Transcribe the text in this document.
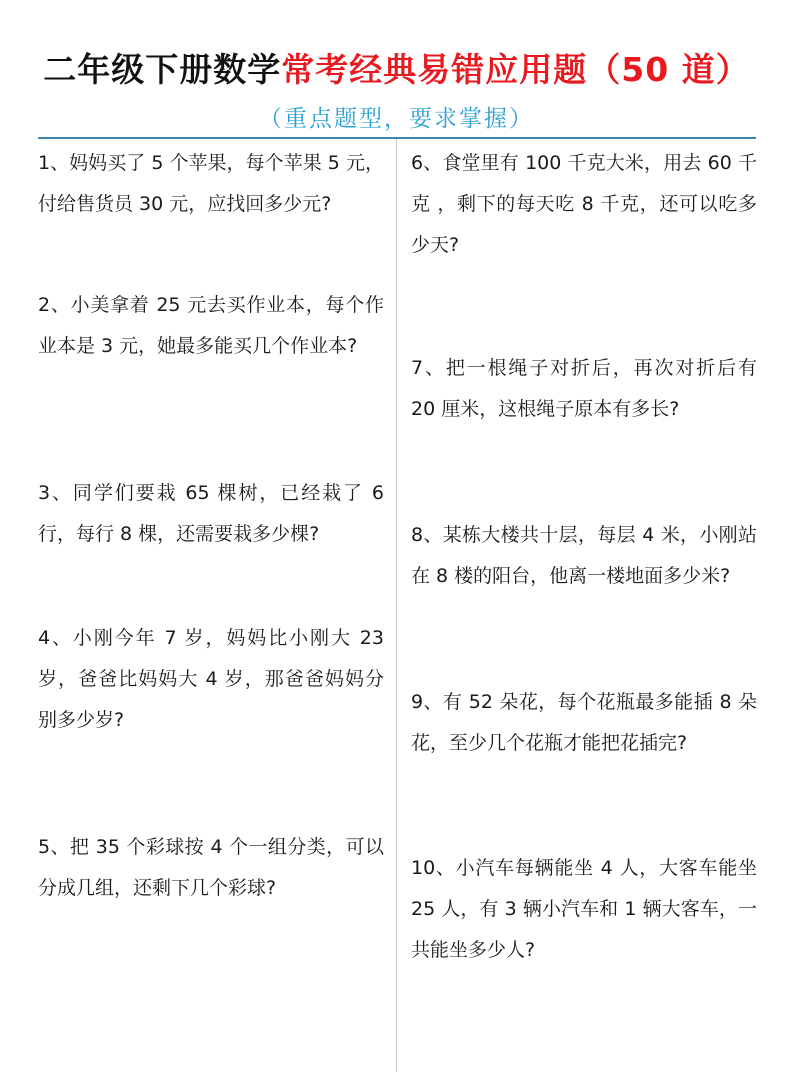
二年级下册数学常考经典易错应用题（50 道）
（重点题型，要求掌握）
1、妈妈买了 5 个苹果，每个苹果 5 元，付给售货员 30 元，应找回多少元?
2、小美拿着 25 元去买作业本，每个作业本是 3 元，她最多能买几个作业本?
3、同学们要栽 65 棵树，已经栽了 6 行，每行 8 棵，还需要栽多少棵?
4、小刚今年 7 岁，妈妈比小刚大 23 岁，爸爸比妈妈大 4 岁，那爸爸妈妈分别多少岁?
5、把 35 个彩球按 4 个一组分类，可以分成几组，还剩下几个彩球?
6、食堂里有 100 千克大米，用去 60 千克 ，剩下的每天吃 8 千克，还可以吃多少天?
7、把一根绳子对折后，再次对折后有 20 厘米，这根绳子原本有多长?
8、某栋大楼共十层，每层 4 米，小刚站在 8 楼的阳台，他离一楼地面多少米?
9、有 52 朵花，每个花瓶最多能插 8 朵花，至少几个花瓶才能把花插完?
10、小汽车每辆能坐 4 人，大客车能坐 25 人，有 3 辆小汽车和 1 辆大客车，一共能坐多少人?
